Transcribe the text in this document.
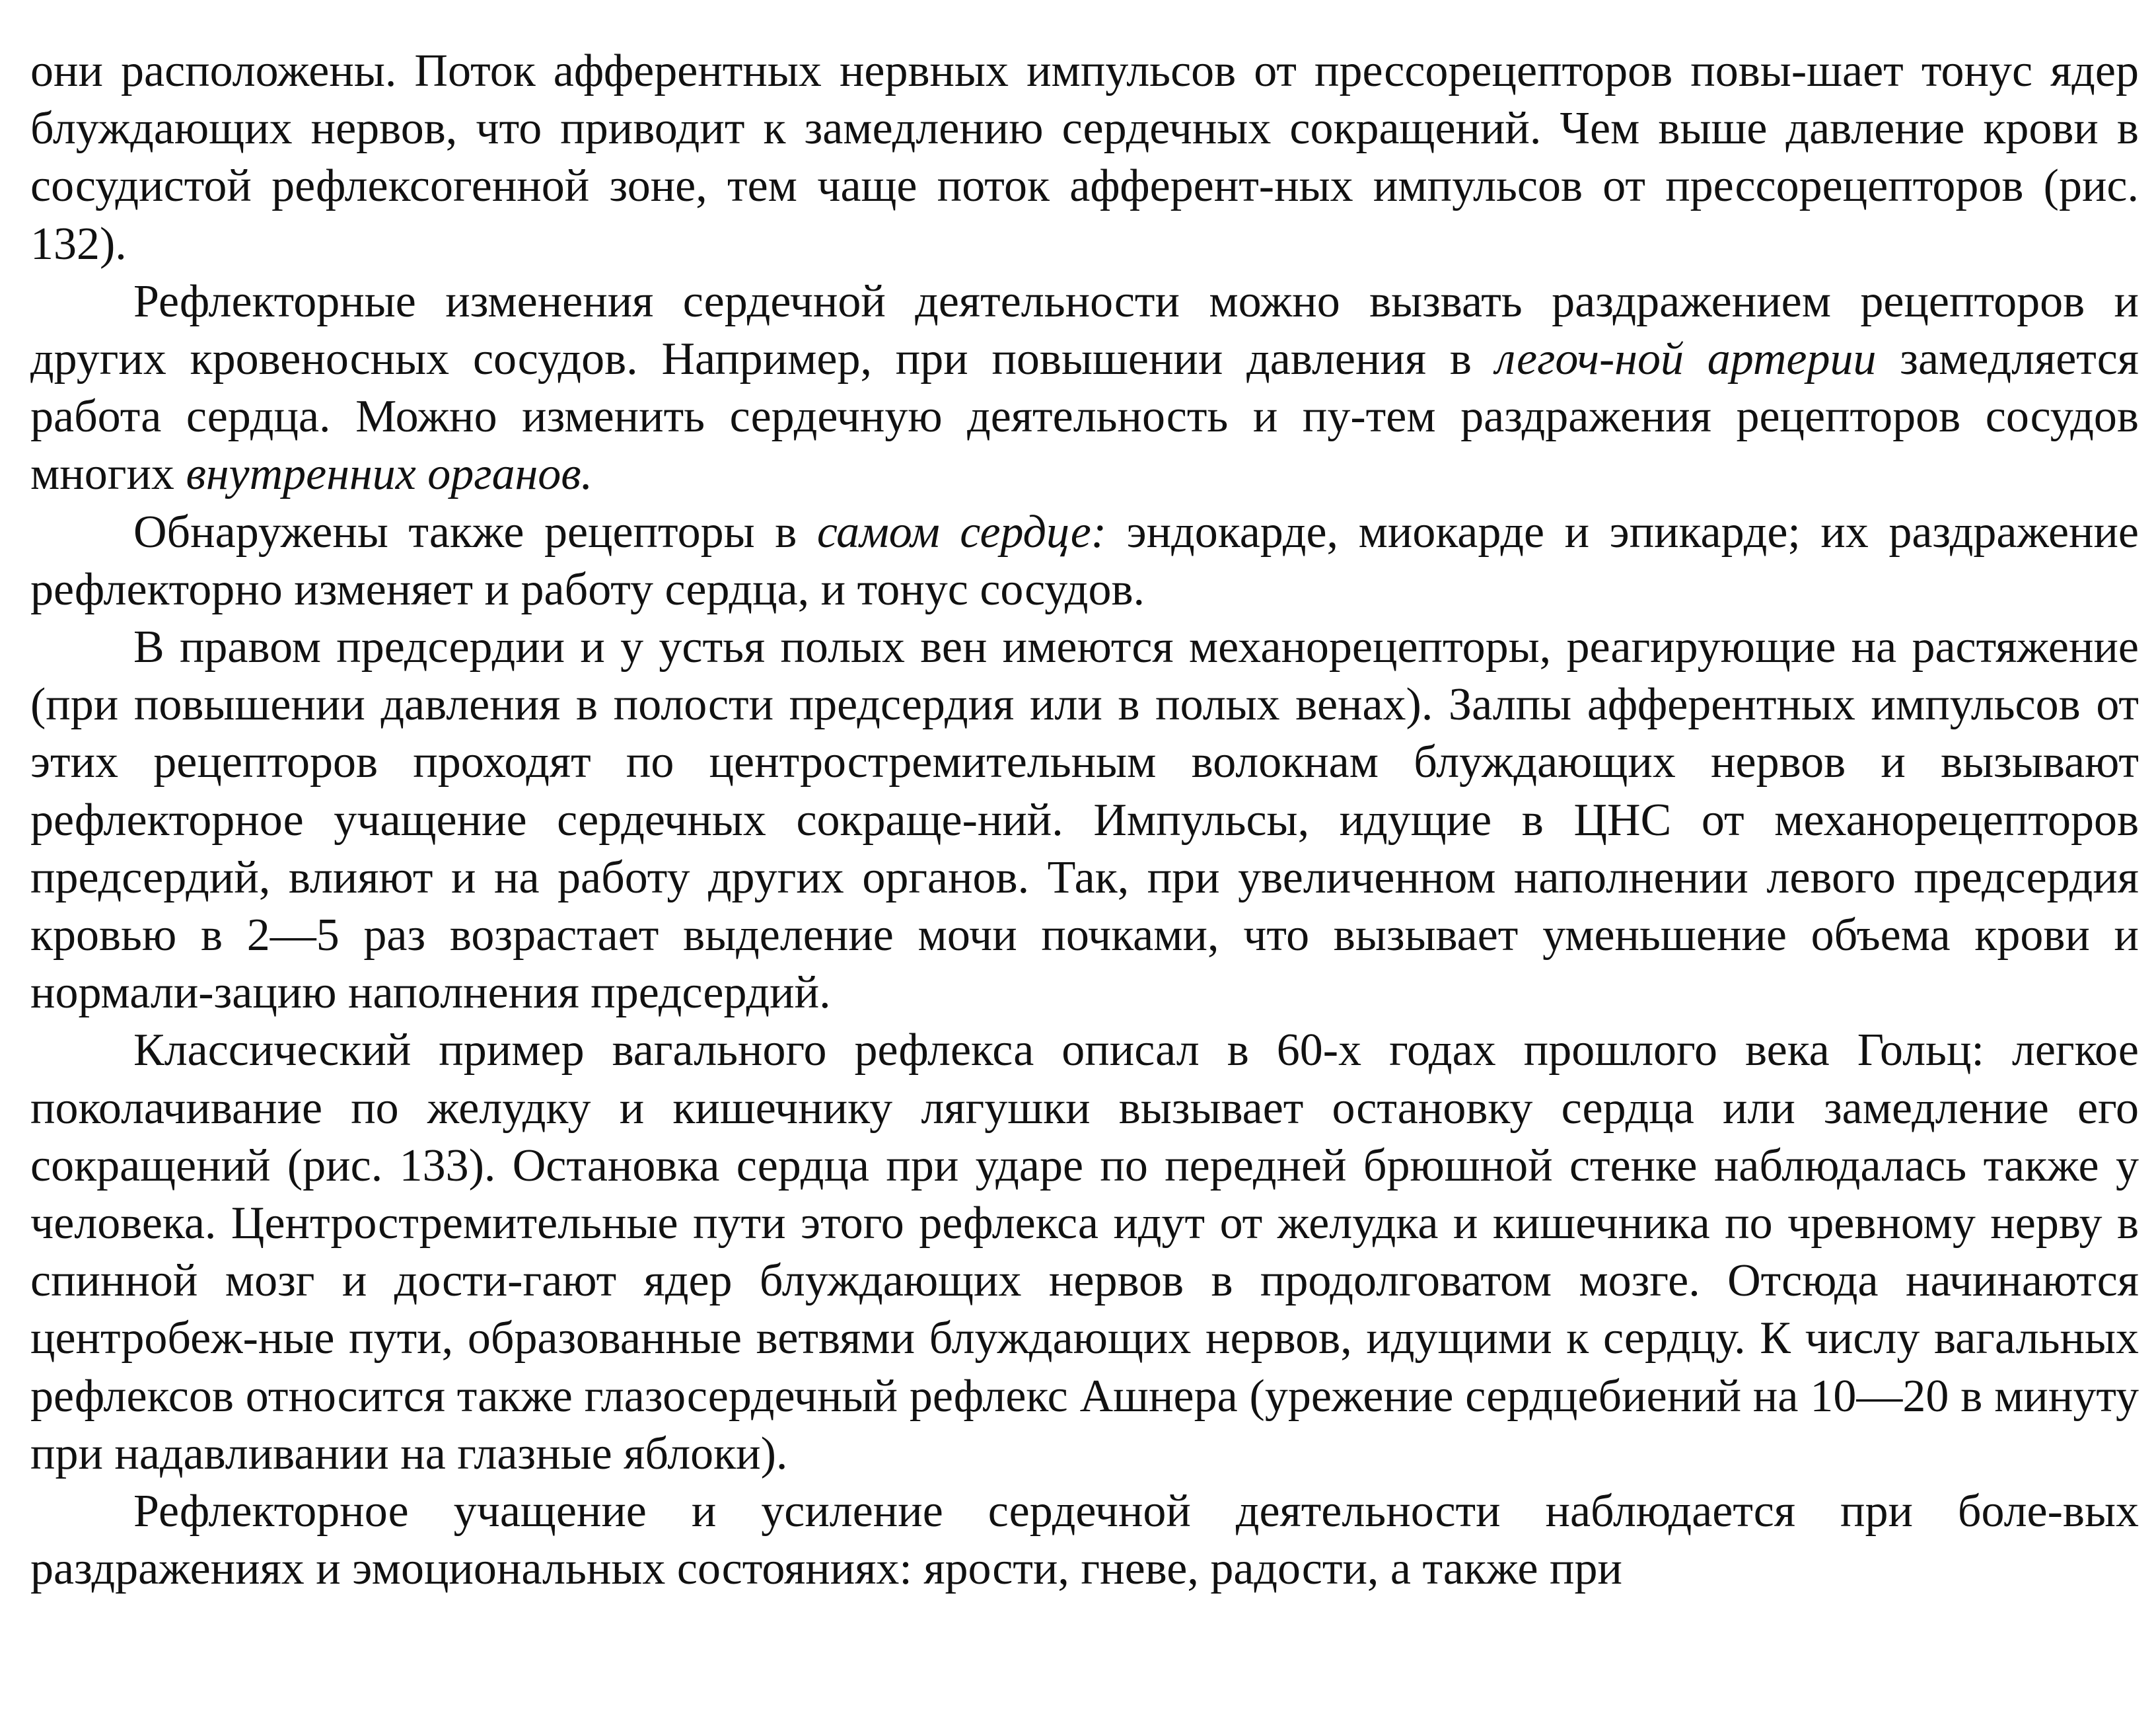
они расположены. Поток афферентных нервных импульсов от прессорецепторов повы-шает тонус ядер блуждающих нервов, что приводит к замедлению сердечных сокращений. Чем выше давление крови в сосудистой рефлексогенной зоне, тем чаще поток афферент-ных импульсов от прессорецепторов (рис. 132).

Рефлекторные изменения сердечной деятельности можно вызвать раздражением рецепторов и других кровеносных сосудов. Например, при повышении давления в легоч-ной артерии замедляется работа сердца. Можно изменить сердечную деятельность и пу-тем раздражения рецепторов сосудов многих внутренних органов.

Обнаружены также рецепторы в самом сердце: эндокарде, миокарде и эпикарде; их раздражение рефлекторно изменяет и работу сердца, и тонус сосудов.

В правом предсердии и у устья полых вен имеются механорецепторы, реагирующие на растяжение (при повышении давления в полости предсердия или в полых венах). Залпы афферентных импульсов от этих рецепторов проходят по центростремительным волокнам блуждающих нервов и вызывают рефлекторное учащение сердечных сокраще-ний. Импульсы, идущие в ЦНС от механорецепторов предсердий, влияют и на работу других органов. Так, при увеличенном наполнении левого предсердия кровью в 2—5 раз возрастает выделение мочи почками, что вызывает уменьшение объема крови и нормали-зацию наполнения предсердий.

Классический пример вагального рефлекса описал в 60-х годах прошлого века Гольц: легкое поколачивание по желудку и кишечнику лягушки вызывает остановку сердца или замедление его сокращений (рис. 133). Остановка сердца при ударе по передней брюшной стенке наблюдалась также у человека. Центростремительные пути этого рефлекса идут от желудка и кишечника по чревному нерву в спинной мозг и дости-гают ядер блуждающих нервов в продолговатом мозге. Отсюда начинаются центробеж-ные пути, образованные ветвями блуждающих нервов, идущими к сердцу. К числу вагальных рефлексов относится также глазосердечный рефлекс Ашнера (урежение сердцебиений на 10—20 в минуту при надавливании на глазные яблоки).

Рефлекторное учащение и усиление сердечной деятельности наблюдается при боле-вых раздражениях и эмоциональных состояниях: ярости, гневе, радости, а также при
